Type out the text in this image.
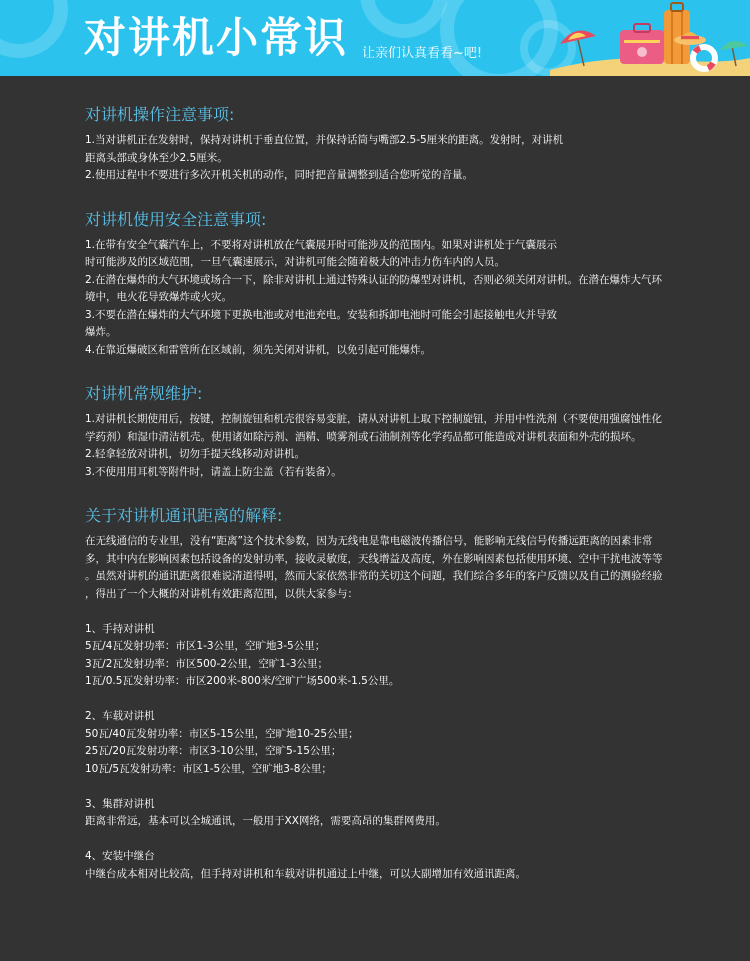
对讲机小常识 让亲们认真看看~吧!
对讲机操作注意事项:
1.当对讲机正在发射时，保持对讲机于垂直位置，并保持话筒与嘴部2.5-5厘米的距离。发射时，对讲机
距离头部或身体至少2.5厘米。
2.使用过程中不要进行多次开机关机的动作，同时把音量调整到适合您听觉的音量。
对讲机使用安全注意事项:
1.在带有安全气囊汽车上，不要将对讲机放在气囊展开时可能涉及的范围内。如果对讲机处于气囊展示
时可能涉及的区域范围，一旦气囊速展示，对讲机可能会随着极大的冲击力伤车内的人员。
2.在潜在爆炸的大气环境或场合一下，除非对讲机上通过特殊认证的防爆型对讲机，否则必须关闭对讲机。在潜在爆炸大气环
境中，电火花导致爆炸或火灾。
3.不要在潜在爆炸的大气环境下更换电池或对电池充电。安装和拆卸电池时可能会引起接触电火并导致
爆炸。
4.在靠近爆破区和雷管所在区域前，须先关闭对讲机，以免引起可能爆炸。
对讲机常规维护:
1.对讲机长期使用后，按键，控制旋钮和机壳很容易变脏，请从对讲机上取下控制旋钮，并用中性洗剂（不要使用强腐蚀性化
学药剂）和湿巾清洁机壳。使用诸如除污剂、酒精、喷雾剂或石油制剂等化学药品都可能造成对讲机表面和外壳的损坏。
2.轻拿轻放对讲机，切勿手提天线移动对讲机。
3.不使用用耳机等附件时，请盖上防尘盖（若有装备）。
关于对讲机通讯距离的解释:
在无线通信的专业里，没有“距离”这个技术参数，因为无线电是靠电磁波传播信号，能影响无线信号传播远距离的因素非常
多，其中内在影响因素包括设备的发射功率，接收灵敏度，天线增益及高度，外在影响因素包括使用环境、空中干扰电波等等
。虽然对讲机的通讯距离很难说清道得明，然而大家依然非常的关切这个问题，我们综合多年的客户反馈以及自己的测验经验
，得出了一个大概的对讲机有效距离范围，以供大家参与：
1、手持对讲机
5瓦/4瓦发射功率：市区1-3公里，空旷地3-5公里；
3瓦/2瓦发射功率：市区500-2公里，空旷1-3公里；
1瓦/0.5瓦发射功率：市区200米-800米/空旷广场500米-1.5公里。
2、车载对讲机
50瓦/40瓦发射功率：市区5-15公里，空旷地10-25公里；
25瓦/20瓦发射功率：市区3-10公里，空旷5-15公里；
10瓦/5瓦发射功率：市区1-5公里，空旷地3-8公里；
3、集群对讲机
距离非常远，基本可以全城通讯，一般用于XX网络，需要高昂的集群网费用。
4、安装中继台
中继台成本相对比较高，但手持对讲机和车载对讲机通过上中继，可以大副增加有效通讯距离。
